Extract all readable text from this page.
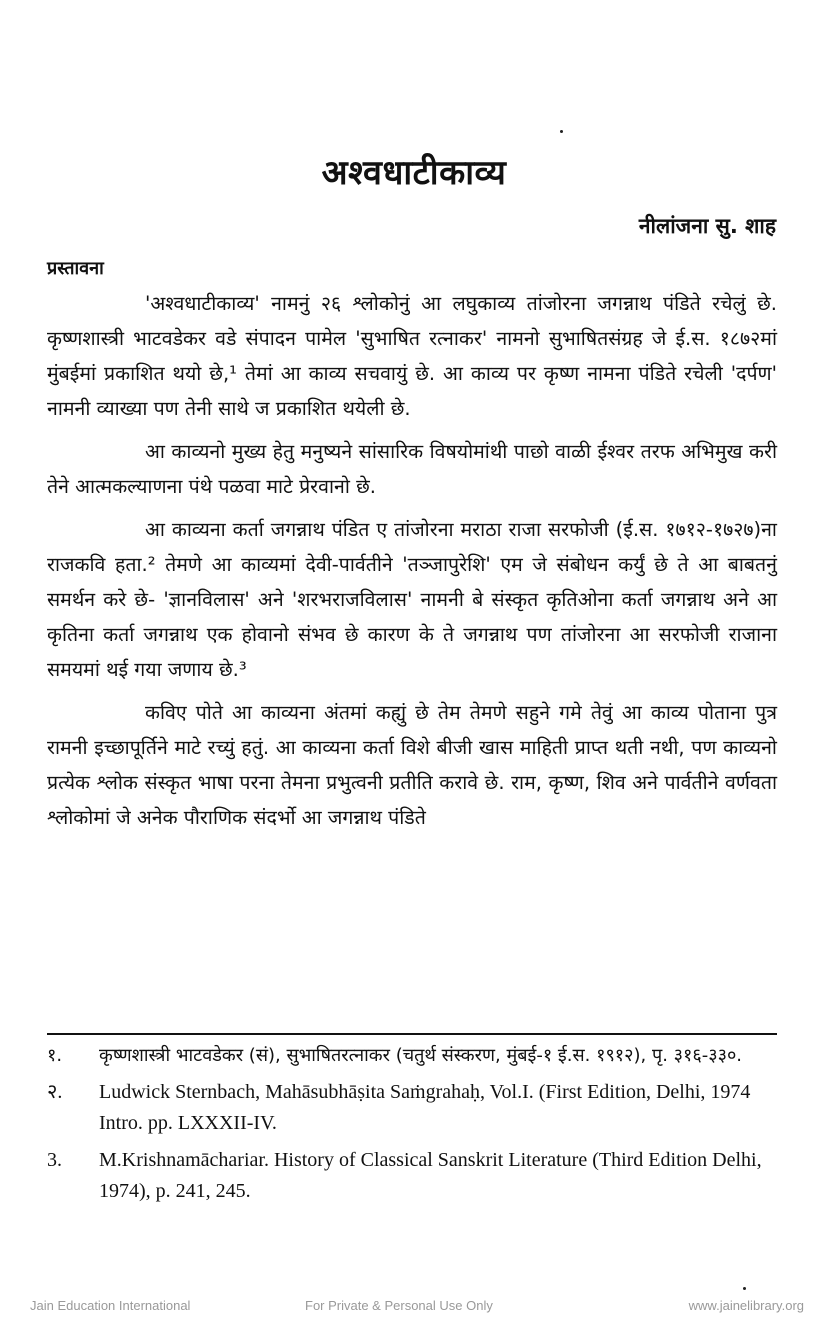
अश्वधाटीकाव्य
नीलांजना सु. शाह
प्रस्तावना

'अश्वधाटीकाव्य' नामनुं २६ श्लोकोनुं आ लघुकाव्य तांजोरना जगन्नाथ पंडिते रचेलुं छे. कृष्णशास्त्री भाटवडेकर वडे संपादन पामेल 'सुभाषित रत्नाकर' नामनो सुभाषितसंग्रह जे ई.स. १८७२मां मुंबईमां प्रकाशित थयो छे,¹ तेमां आ काव्य सचवायुं छे. आ काव्य पर कृष्ण नामना पंडिते रचेली 'दर्पण' नामनी व्याख्या पण तेनी साथे ज प्रकाशित थयेली छे.

आ काव्यनो मुख्य हेतु मनुष्यने सांसारिक विषयोमांथी पाछो वाळी ईश्वर तरफ अभिमुख करी तेने आत्मकल्याणना पंथे पळवा माटे प्रेरवानो छे.

आ काव्यना कर्ता जगन्नाथ पंडित ए तांजोरना मराठा राजा सरफोजी (ई.स. १७१२-१७२७)ना राजकवि हता.² तेमणे आ काव्यमां देवी-पार्वतीने 'तञ्जापुरेशि' एम जे संबोधन कर्युं छे ते आ बाबतनुं समर्थन करे छे- 'ज्ञानविलास' अने 'शरभराजविलास' नामनी बे संस्कृत कृतिओना कर्ता जगन्नाथ अने आ कृतिना कर्ता जगन्नाथ एक होवानो संभव छे कारण के ते जगन्नाथ पण तांजोरना आ सरफोजी राजाना समयमां थई गया जणाय छे.³

कविए पोते आ काव्यना अंतमां कह्युं छे तेम तेमणे सहुने गमे तेवुं आ काव्य पोताना पुत्र रामनी इच्छापूर्तिने माटे रच्युं हतुं. आ काव्यना कर्ता विशे बीजी खास माहिती प्राप्त थती नथी, पण काव्यनो प्रत्येक श्लोक संस्कृत भाषा परना तेमना प्रभुत्वनी प्रतीति करावे छे. राम, कृष्ण, शिव अने पार्वतीने वर्णवता श्लोकोमां जे अनेक पौराणिक संदर्भो आ जगन्नाथ पंडिते

१.	कृष्णशास्त्री भाटवडेकर (सं), सुभाषितरत्नाकर (चतुर्थ संस्करण, मुंबई-१ ई.स. १९१२), पृ. ३१६-३३०.
२.	Ludwick Sternbach, Mahāsubhāṣita Saṁgrahaḥ, Vol.I. (First Edition, Delhi, 1974 Intro. pp. LXXXII-IV.
3.	M.Krishnamāchariar. History of Classical Sanskrit Literature (Third Edition Delhi, 1974), p. 241, 245.
Jain Education International	For Private & Personal Use Only	www.jainelibrary.org
